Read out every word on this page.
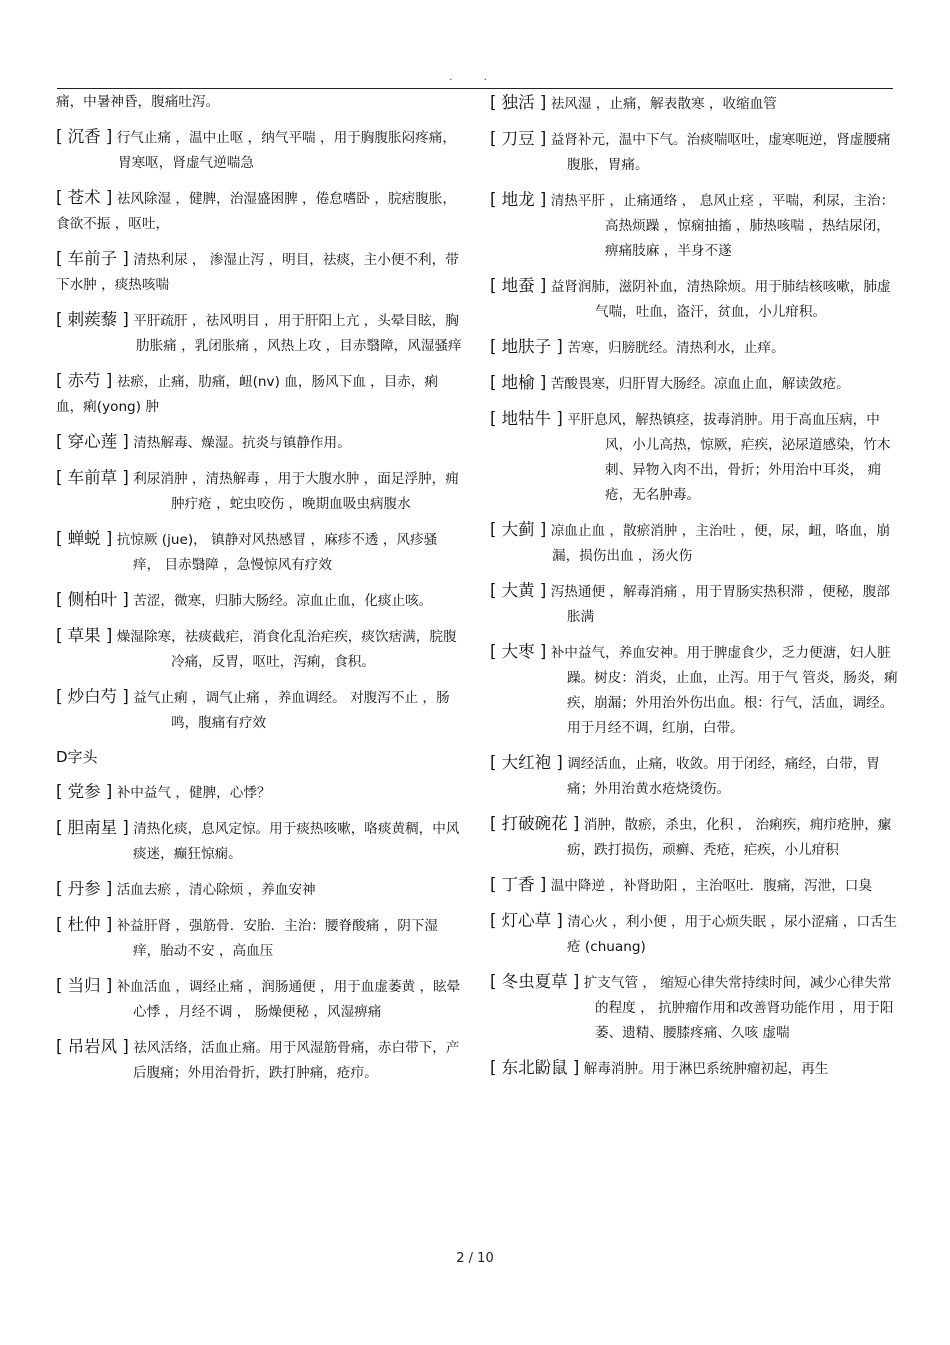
. .
痛，中暑神昏，腹痛吐泻。
[ 沉香 ] 行气止痛 ，温中止呕 ，纳气平喘 ，用于胸腹胀闷疼痛，胃寒呕，肾虚气逆喘急
[ 苍术 ] 祛风除湿 ，健脾，治湿盛困脾 ，倦怠嗜卧 ，脘痞腹胀，食欲不振 ，呕吐，
[ 车前子 ] 清热利尿 ， 渗湿止泻 ，明目，祛痰，主小便不利，带下水肿 ，痰热咳喘
[ 刺蒺藜 ] 平肝疏肝 ，祛风明目 ，用于肝阳上亢 ，头晕目眩，胸肋胀痛 ，乳闭胀痛 ，风热上攻 ，目赤翳障，风湿骚痒
[ 赤芍 ] 祛瘀，止痛，肋痛，衄(nv) 血，肠风下血 ，目赤，痢血，痢(yong) 肿
[ 穿心莲 ] 清热解毒、燥湿。抗炎与镇静作用。
[ 车前草 ] 利尿消肿 ，清热解毒 ，用于大腹水肿 ，面足浮肿，痈肿疔疮 ，蛇虫咬伤 ，晚期血吸虫病腹水
[ 蝉蜕 ] 抗惊厥 (jue)， 镇静对风热感冒 ，麻疹不透 ，风疹骚痒， 目赤翳障 ，急慢惊风有疗效
[ 侧柏叶 ] 苦涩，微寒，归肺大肠经。凉血止血，化痰止咳。
[ 草果 ] 燥湿除寒，祛痰截疟，消食化乱治疟疾，痰饮痞满，脘腹冷痛，反胃，呕吐，泻痢，食积。
[ 炒白芍 ] 益气止痢 ，调气止痛 ，养血调经。 对腹泻不止 ，肠鸣，腹痛有疗效
D字头
[ 党参 ] 补中益气 ，健脾，心悸？
[ 胆南星 ] 清热化痰，息风定惊。用于痰热咳嗽，咯痰黄稠，中风痰迷，癫狂惊痫。
[ 丹参 ] 活血去瘀 ，清心除烦 ，养血安神
[ 杜仲 ] 补益肝肾 ，强筋骨．安胎．主治：腰脊酸痛 ，阴下湿痒，胎动不安 ，高血压
[ 当归 ] 补血活血 ，调经止痛 ，润肠通便 ，用于血虚萎黄 ，眩晕心悸 ，月经不调 ， 肠燥便秘 ，风湿痹痛
[ 吊岩风 ] 祛风活络，活血止痛。用于风湿筋骨痛，赤白带下，产后腹痛；外用治骨折，跌打肿痛，疮疖。
[ 独活 ] 祛风湿 ，止痛，解表散寒 ，收缩血管
[ 刀豆 ] 益肾补元，温中下气。治痰喘呕吐，虚寒呃逆，肾虚腰痛腹胀，胃痛。
[ 地龙 ] 清热平肝 ，止痛通络 ， 息风止痉 ，平喘，利尿，主治：高热烦躁 ，惊痫抽搐 ，肺热咳喘 ，热结尿闭，痹痛肢麻 ，半身不遂
[ 地蚕 ] 益肾润肺，滋阴补血，清热除烦。用于肺结核咳嗽，肺虚气喘，吐血，盗汗，贫血，小儿疳积。
[ 地肤子 ] 苦寒，归膀胱经。清热利水，止痒。
[ 地榆 ] 苦酸畏寒，归肝胃大肠经。凉血止血，解读敛疮。
[ 地牯牛 ] 平肝息风，解热镇痉，拔毒消肿。用于高血压病，中风，小儿高热，惊厥，疟疾，泌尿道感染，竹木刺、异物入肉不出，骨折；外用治中耳炎， 痈疮，无名肿毒。
[ 大蓟 ] 凉血止血 ，散瘀消肿 ，主治吐 ，便，尿，衄，咯血，崩漏，损伤出血 ，汤火伤
[ 大黄 ] 泻热通便 ，解毒消痛 ，用于胃肠实热积滞 ，便秘，腹部胀满
[ 大枣 ] 补中益气，养血安神。用于脾虚食少，乏力便溏，妇人脏躁。树皮：消炎，止血，止泻。用于气 管炎，肠炎，痢疾，崩漏；外用治外伤出血。根：行气，活血，调经。用于月经不调，红崩，白带。
[ 大红袍 ] 调经活血，止痛，收敛。用于闭经，痛经，白带，胃痛；外用治黄水疮烧烫伤。
[ 打破碗花 ] 消肿，散瘀，杀虫，化积 ， 治痢疾，痈疖疮肿，瘰疬，跌打损伤，顽癣、秃疮，疟疾，小儿疳积
[ 丁香 ] 温中降逆 ，补肾助阳 ，主治呕吐．腹痛，泻泄，口臭
[ 灯心草 ] 清心火 ，利小便 ，用于心烦失眠 ，尿小涩痛 ，口舌生疮 (chuang)
[ 冬虫夏草 ] 扩支气管 ， 缩短心律失常持续时间，减少心律失常的程度 ， 抗肿瘤作用和改善肾功能作用 ，用于阳萎、遗精、腰膝疼痛、久咳 虚喘
[ 东北鼢鼠 ] 解毒消肿。用于淋巴系统肿瘤初起，再生
2 / 10
